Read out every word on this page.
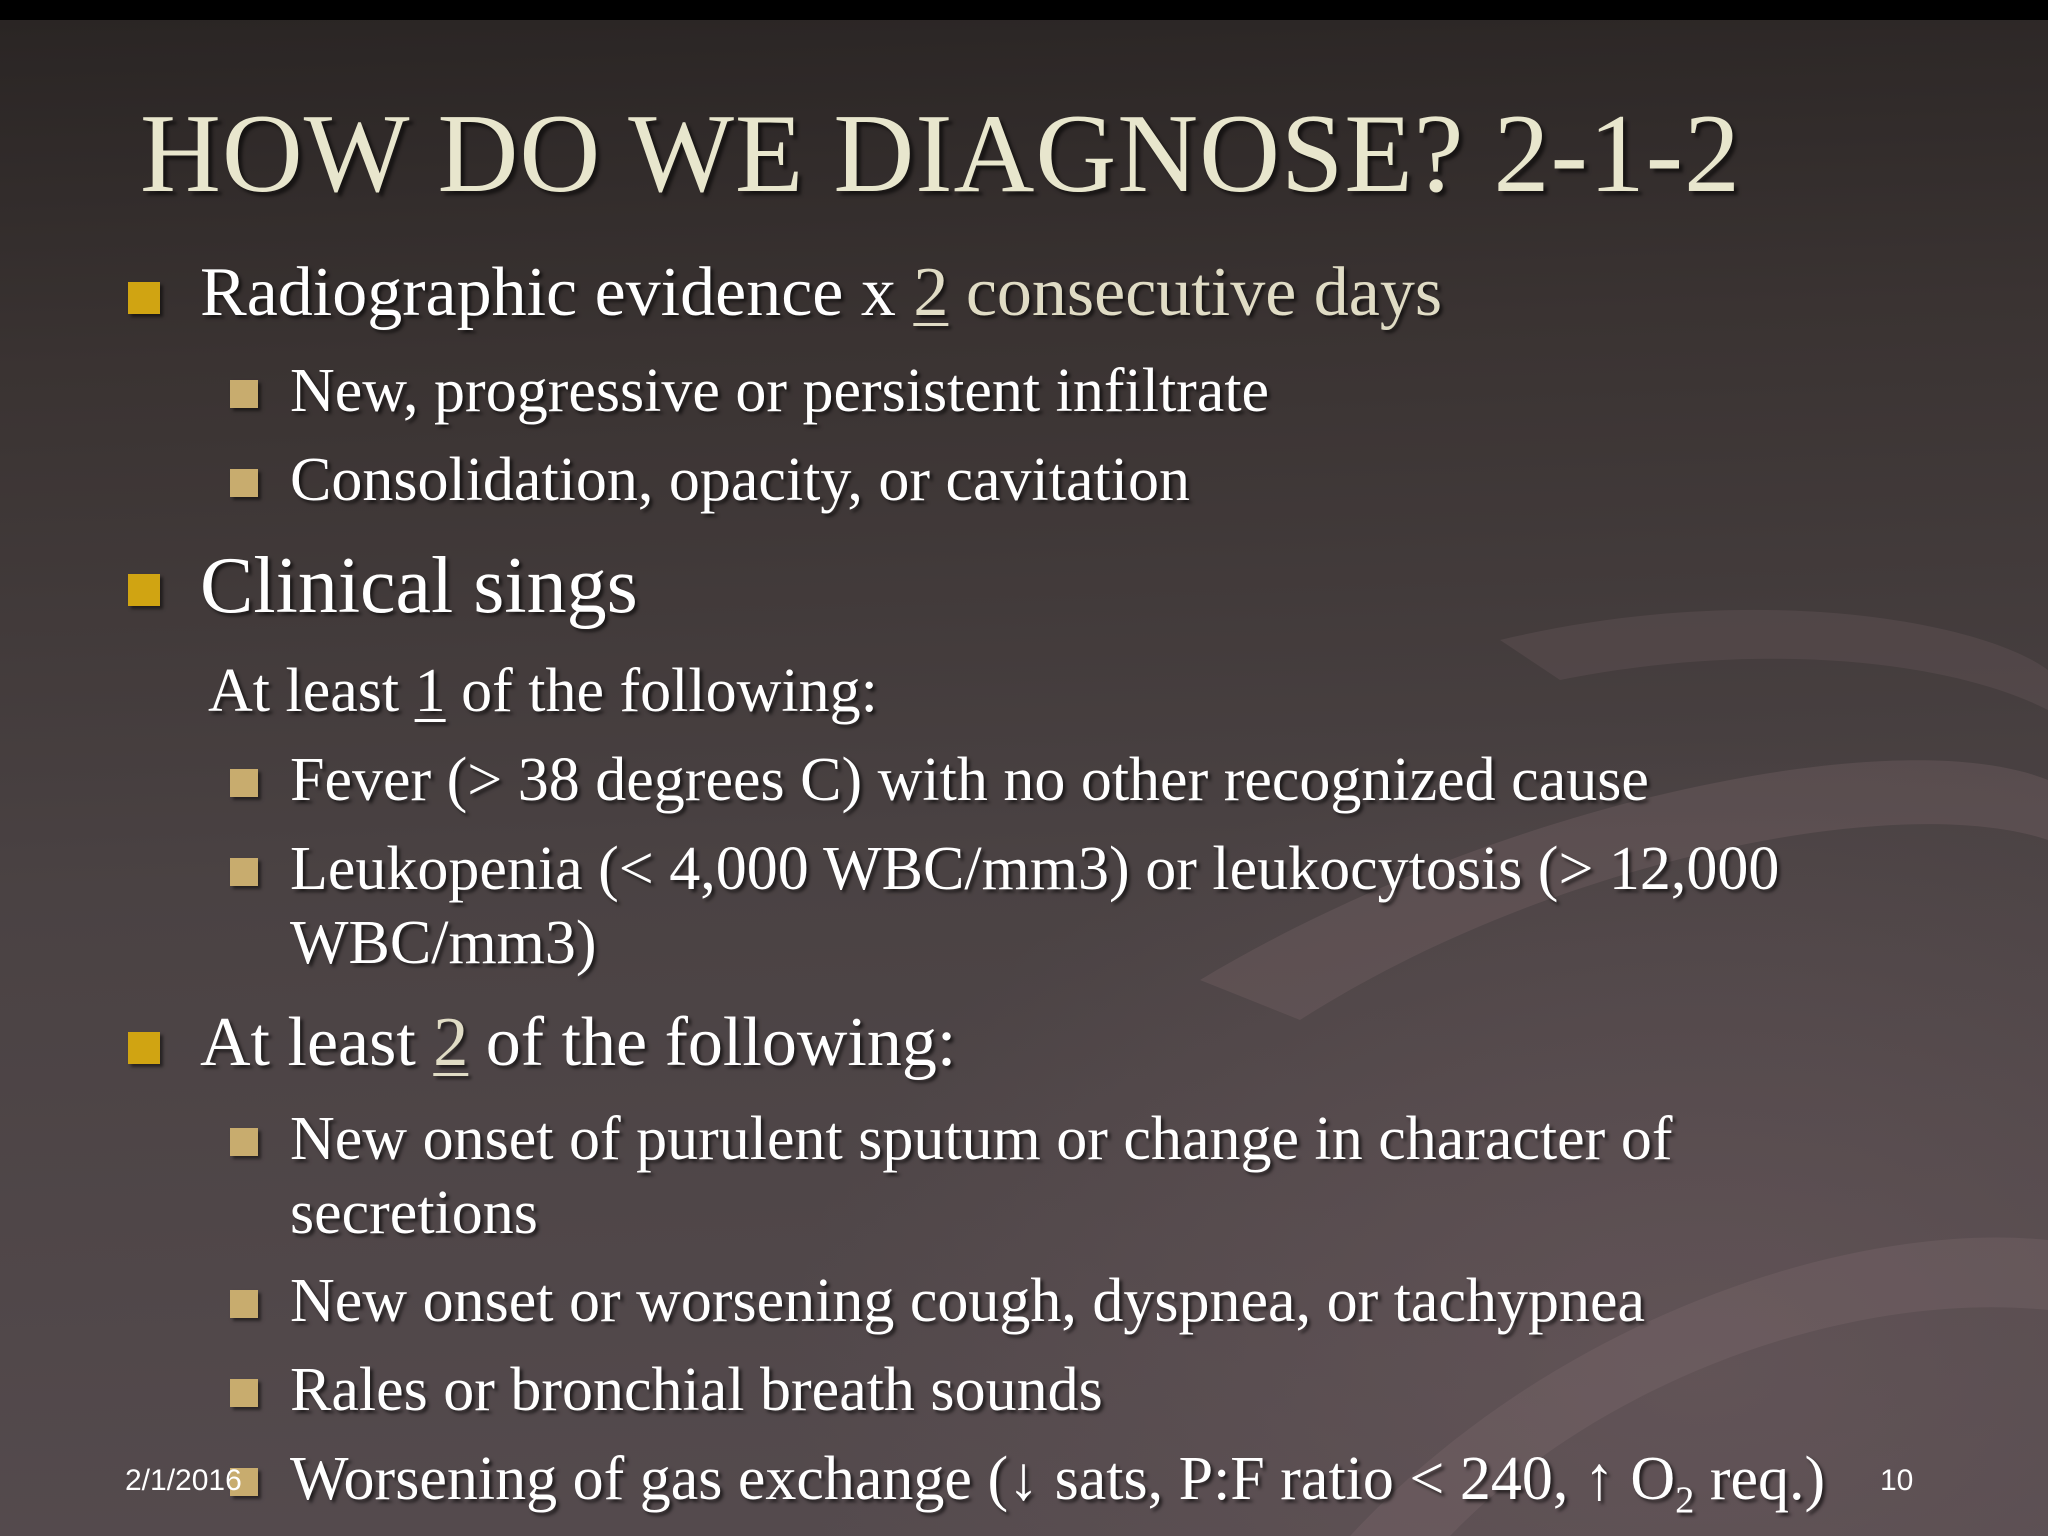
HOW DO WE DIAGNOSE? 2-1-2

Radiographic evidence x 2 consecutive days

New, progressive or persistent infiltrate

Consolidation, opacity, or cavitation

Clinical sings

At least 1 of the following:

Fever (> 38 degrees C) with no other recognized cause

Leukopenia (< 4,000 WBC/mm3) or leukocytosis (> 12,000

WBC/mm3)

At least 2 of the following:

New onset of purulent sputum or change in character of

secretions

New onset or worsening cough, dyspnea, or tachypnea

Rales or bronchial breath sounds

Worsening of gas exchange (↓ sats, P:F ratio < 240, ↑ $O_2$ req.)

2/1/2016	10
